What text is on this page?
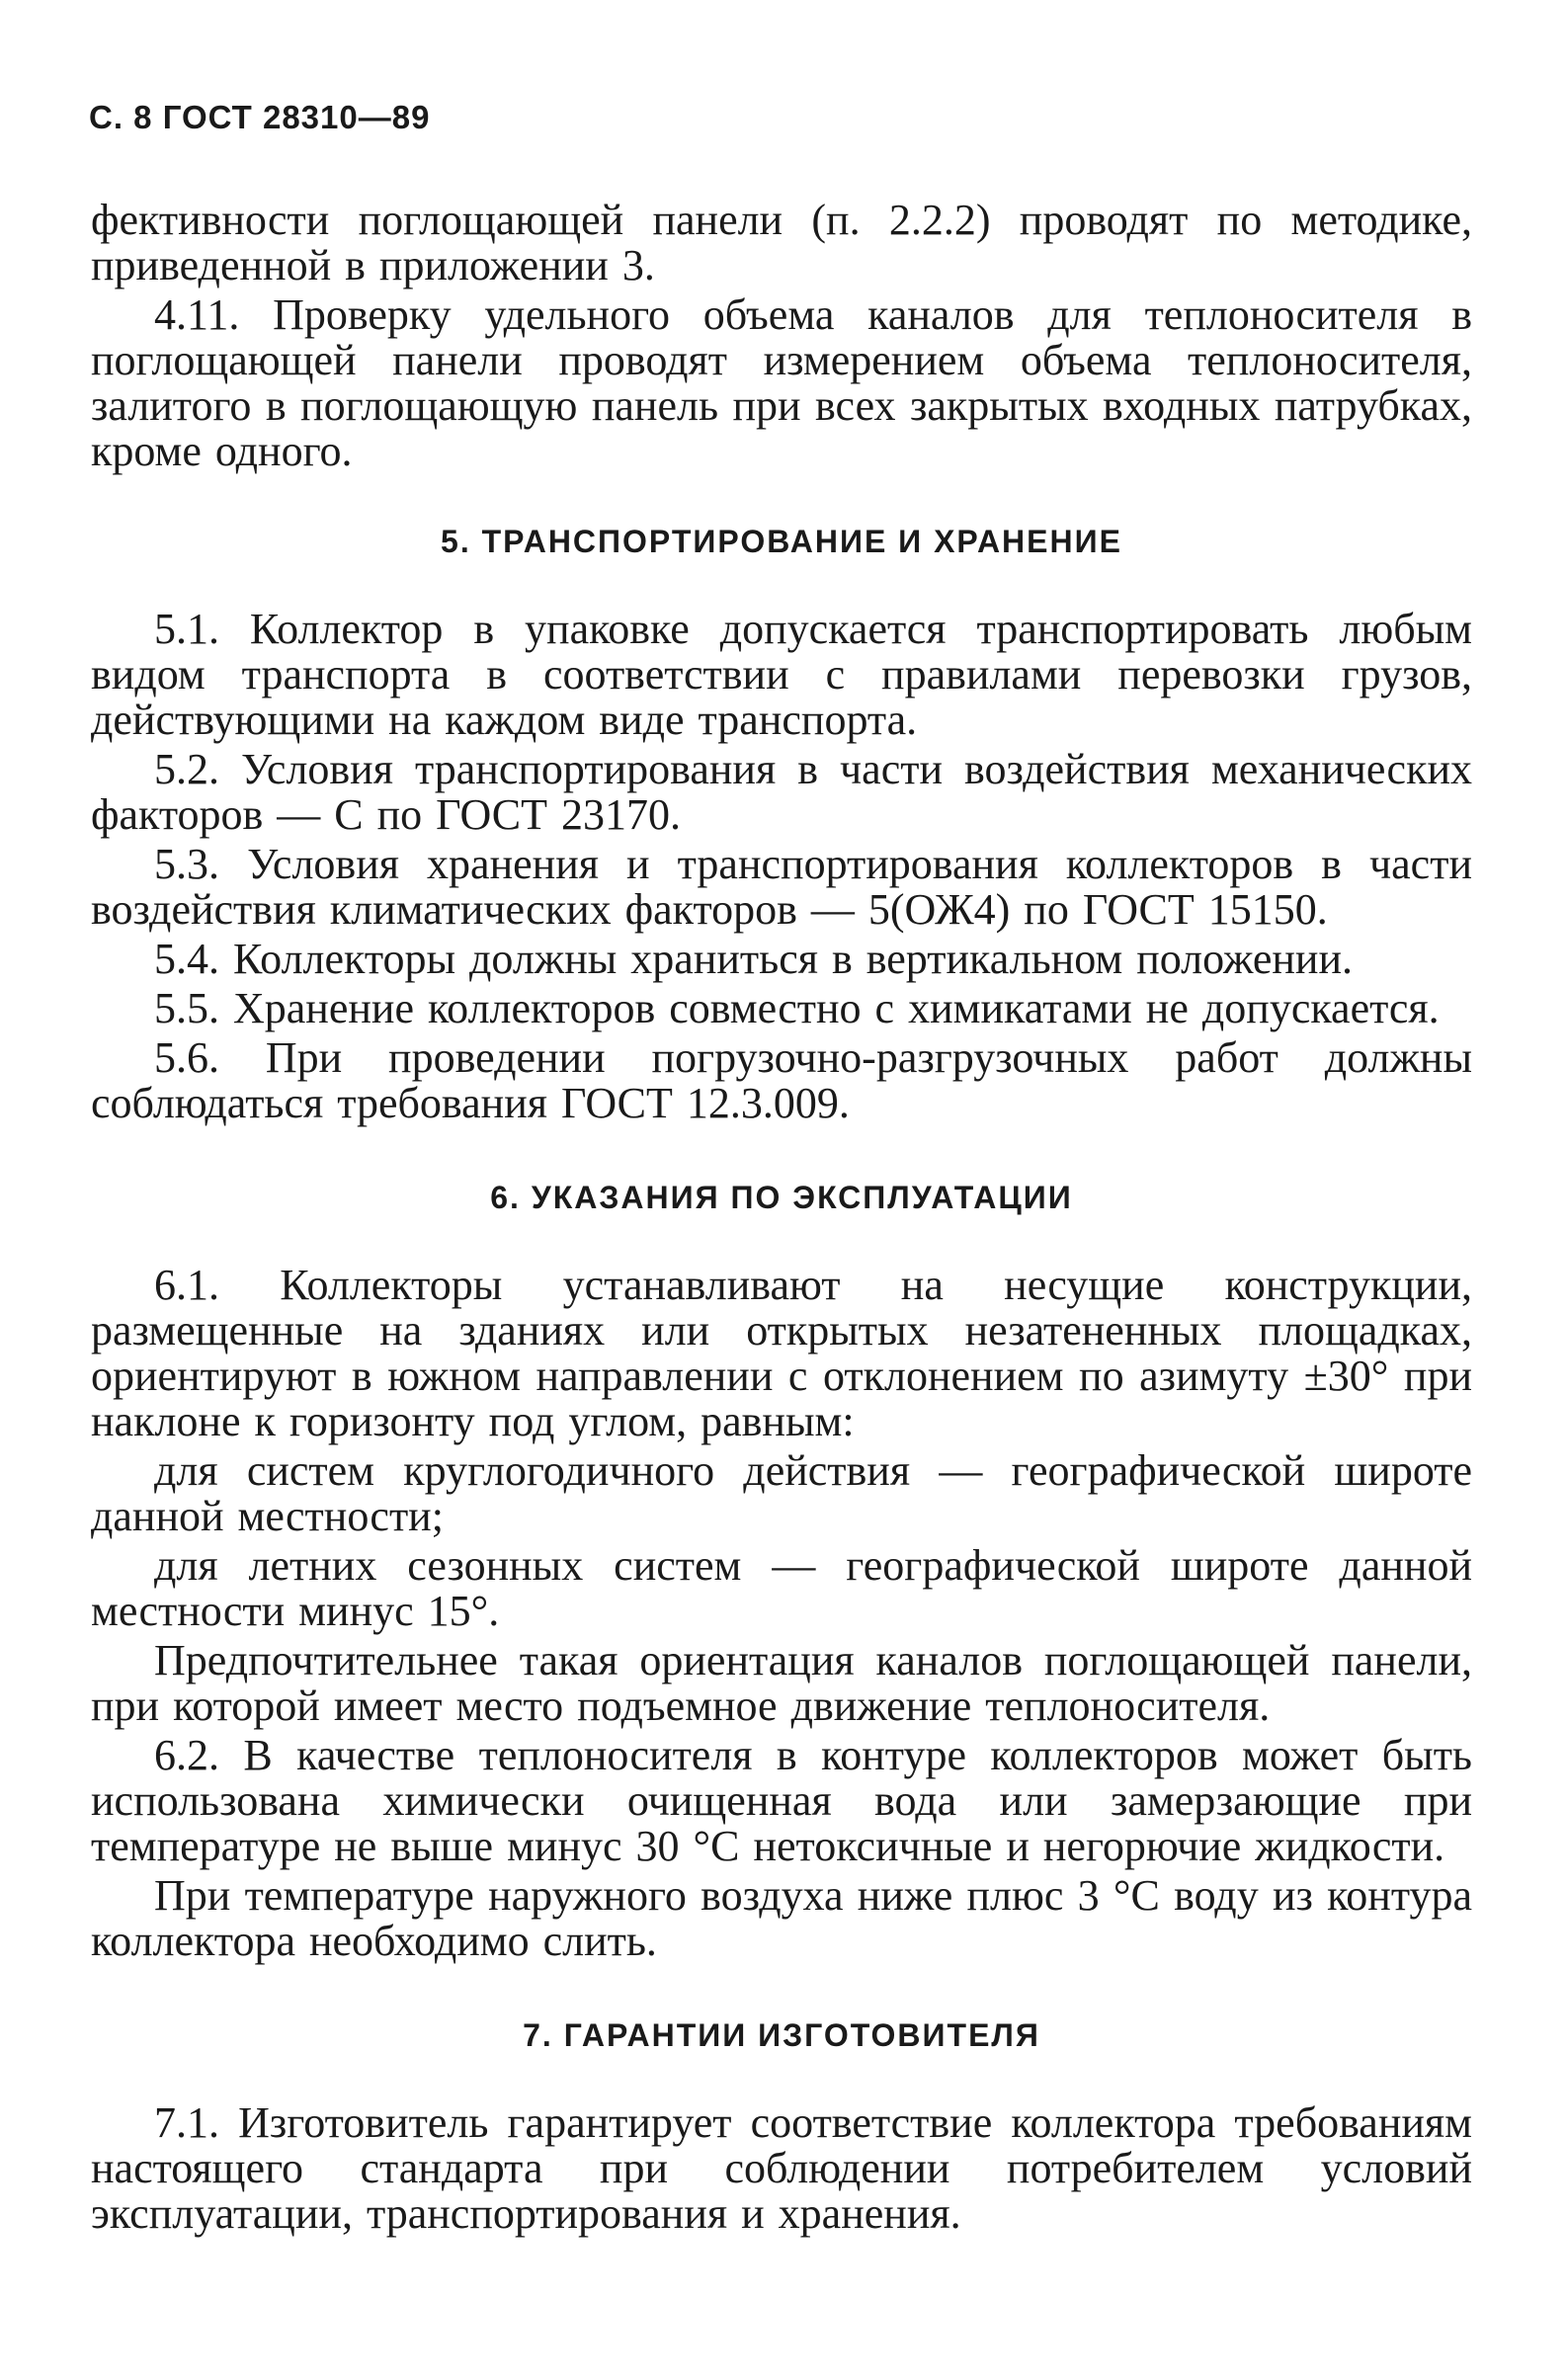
С. 8 ГОСТ 28310—89

фективности поглощающей панели (п. 2.2.2) проводят по методике, приведенной в приложении 3.

4.11. Проверку удельного объема каналов для теплоносителя в поглощающей панели проводят измерением объема теплоносителя, залитого в поглощающую панель при всех закрытых входных патрубках, кроме одного.

5. ТРАНСПОРТИРОВАНИЕ И ХРАНЕНИЕ

5.1. Коллектор в упаковке допускается транспортировать любым видом транспорта в соответствии с правилами перевозки грузов, действующими на каждом виде транспорта.

5.2. Условия транспортирования в части воздействия механических факторов — С по ГОСТ 23170.

5.3. Условия хранения и транспортирования коллекторов в части воздействия климатических факторов — 5(ОЖ4) по ГОСТ 15150.

5.4. Коллекторы должны храниться в вертикальном положении.

5.5. Хранение коллекторов совместно с химикатами не допускается.

5.6. При проведении погрузочно-разгрузочных работ должны соблюдаться требования ГОСТ 12.3.009.

6. УКАЗАНИЯ ПО ЭКСПЛУАТАЦИИ

6.1. Коллекторы устанавливают на несущие конструкции, размещенные на зданиях или открытых незатененных площадках, ориентируют в южном направлении с отклонением по азимуту ±30° при наклоне к горизонту под углом, равным:

для систем круглогодичного действия — географической широте данной местности;

для летних сезонных систем — географической широте данной местности минус 15°.

Предпочтительнее такая ориентация каналов поглощающей панели, при которой имеет место подъемное движение теплоносителя.

6.2. В качестве теплоносителя в контуре коллекторов может быть использована химически очищенная вода или замерзающие при температуре не выше минус 30 °С нетоксичные и негорючие жидкости.

При температуре наружного воздуха ниже плюс 3 °С воду из контура коллектора необходимо слить.

7. ГАРАНТИИ ИЗГОТОВИТЕЛЯ

7.1. Изготовитель гарантирует соответствие коллектора требованиям настоящего стандарта при соблюдении потребителем условий эксплуатации, транспортирования и хранения.
